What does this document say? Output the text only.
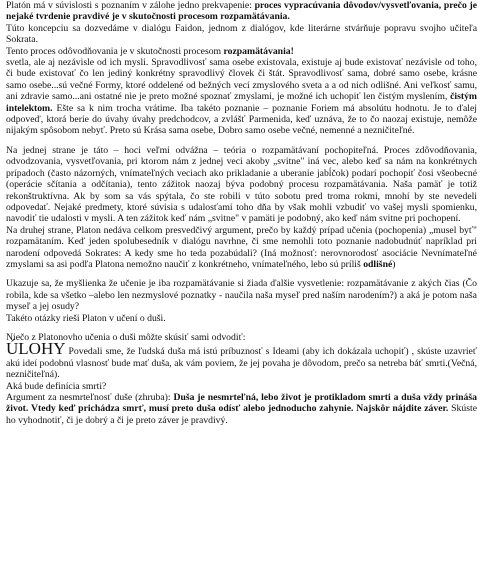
Platón má v súvislosti s poznaním v zálohe jedno prekvapenie: proces vypracúvania dôvodov/vysvetľovania, prečo je nejaké tvrdenie pravdivé je v skutočnosti procesom rozpamätávania.

Túto koncepciu sa dozvedáme v dialógu Faidon, jednom z dialógov, kde literárne stvárňuje popravu svojho učiteľa Sokrata.

Tento proces odôvodňovania je v skutočnosti procesom rozpamätávania!

svetla, ale aj nezávisle od ich mysli. Spravodlivosť sama osebe existovala, existuje aj bude existovať nezávisle od toho, či bude existovať čo len jediný konkrétny spravodlivý človek či štát. Spravodlivosť sama, dobré samo osebe, krásne samo osebe...sú večné Formy, ktoré oddelené od bežných vecí zmyslového sveta a a od nich odlišné. Ani veľkosť samu, ani zdravie samo...ani ostatné nie je preto možné spoznať zmyslami, je možné ich uchopiť len čistým myslením, čistým intelektom. Ešte sa k nim trocha vrátime. Iba takéto poznanie – poznanie Foriem má absolútu hodnotu. Je to ďalej odpoveď, ktorá berie do úvahy úvahy predchodcov, a zvlášť Parmenida, keď uznáva, že to čo naozaj existuje, nemôže nijakým spôsobom nebyť. Preto sú Krása sama osebe, Dobro samo osebe večné, nemenné a nezničiteľné.

Na jednej strane je táto – hoci veľmi odvážna – teória o rozpamätávaní pochopiteľná. Proces zdôvodňovania, odvodzovania, vysvetľovania, pri ktorom nám z jednej veci akoby „svitne" iná vec, alebo keď sa nám na konkrétnych prípadoch (často názorných, vnímateľných veciach ako prikladanie a uberanie jabĺčok) podarí pochopiť čosi všeobecné (operácie sčítania a odčítania), tento zážitok naozaj býva podobný procesu rozpamätávania. Naša pamäť je totiž rekonštruktívna. Ak by som sa vás spýtala, čo ste robili v túto sobotu pred troma rokmi, mnohí by ste nevedeli odpovedať. Nejaké predmety, ktoré súvisia s udalosťami toho dňa by však mohli vzbudiť vo vašej mysli spomienku, navodiť tie udalosti v mysli. A ten zážitok keď nám „svitne" v pamäti je podobný, ako keď nám svitne pri pochopení.

Na druhej strane, Platon nedáva celkom presvedčivý argument, prečo by každý prípad učenia (pochopenia) „musel byť" rozpamätaním. Keď jeden spolubesedník v dialógu navrhne, či sme nemohli toto poznanie nadobudnúť napríklad pri narodení odpovedá Sokrates: A kedy sme ho teda pozabúdali? (Iná možnosť: nerovnorodosť asociácie Nevnímateľné zmyslami sa asi podľa Platona nemožno naučiť z konkrétneho, vnímateľného, lebo sú príliš odlišné)

Ukazuje sa, že myšlienka že učenie je iba rozpamätávanie si žiada ďalšie vysvetlenie: rozpamätávanie z akých čias (Čo robila, kde sa všetko –alebo len nezmyslové poznatky - naučila naša myseľ pred naším narodením?) a aká je potom naša myseľ a jej osudy?

Takéto otázky rieši Platon v učení o duši.

Niečo z Platonovho učenia o duši môžte skúsiť sami odvodiť:

ÚLOHY Povedali sme, že ľudská duša má istú príbuznosť s Ideami (aby ich dokázala uchopiť) , skúste uzavrieť akú ideí podobnú vlasnosť bude mať duša, ak vám poviem, že jej povaha je dôvodom, prečo sa netreba báť smrti.(Večná, nezničiteľná).

Aká bude definícia smrti?

Argument za nesmrteľnosť duše (zhruba): Duša je nesmrteľná, lebo život je protikladom smrti a duša vždy prináša život. Vtedy keď prichádza smrť, musí preto duša odísť alebo jednoducho zahynie. Najskôr nájdite záver. Skúste ho vyhodnotiť, či je dobrý a či je preto záver je pravdivý.
